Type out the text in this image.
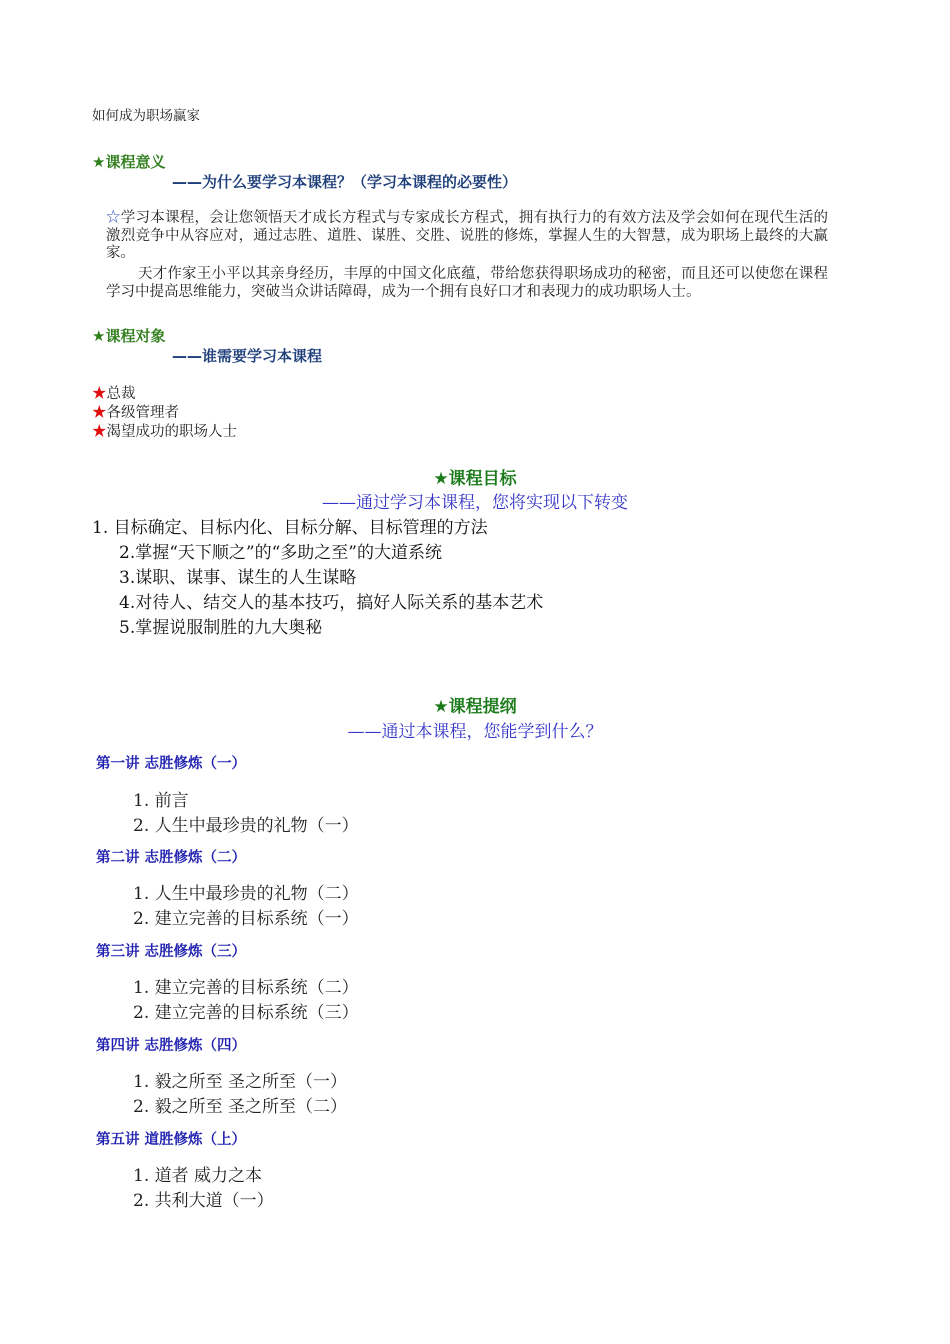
如何成为职场赢家
★课程意义
——为什么要学习本课程？（学习本课程的必要性）
☆学习本课程，会让您领悟天才成长方程式与专家成长方程式，拥有执行力的有效方法及学会如何在现代生活的激烈竞争中从容应对，通过志胜、道胜、谋胜、交胜、说胜的修炼，掌握人生的大智慧，成为职场上最终的大赢家。
天才作家王小平以其亲身经历，丰厚的中国文化底蕴，带给您获得职场成功的秘密，而且还可以使您在课程学习中提高思维能力，突破当众讲话障碍，成为一个拥有良好口才和表现力的成功职场人士。
★课程对象
——谁需要学习本课程
★总裁
★各级管理者
★渴望成功的职场人士
★课程目标
——通过学习本课程，您将实现以下转变
1. 目标确定、目标内化、目标分解、目标管理的方法
2.掌握“天下顺之”的“多助之至”的大道系统
3.谋职、谋事、谋生的人生谋略
4.对待人、结交人的基本技巧，搞好人际关系的基本艺术
5.掌握说服制胜的九大奥秘
★课程提纲
——通过本课程，您能学到什么？
第一讲 志胜修炼（一）
1. 前言
2. 人生中最珍贵的礼物（一）
第二讲 志胜修炼（二）
1. 人生中最珍贵的礼物（二）
2. 建立完善的目标系统（一）
第三讲 志胜修炼（三）
1. 建立完善的目标系统（二）
2. 建立完善的目标系统（三）
第四讲 志胜修炼（四）
1. 毅之所至 圣之所至（一）
2. 毅之所至 圣之所至（二）
第五讲 道胜修炼（上）
1. 道者 威力之本
2. 共利大道（一）
